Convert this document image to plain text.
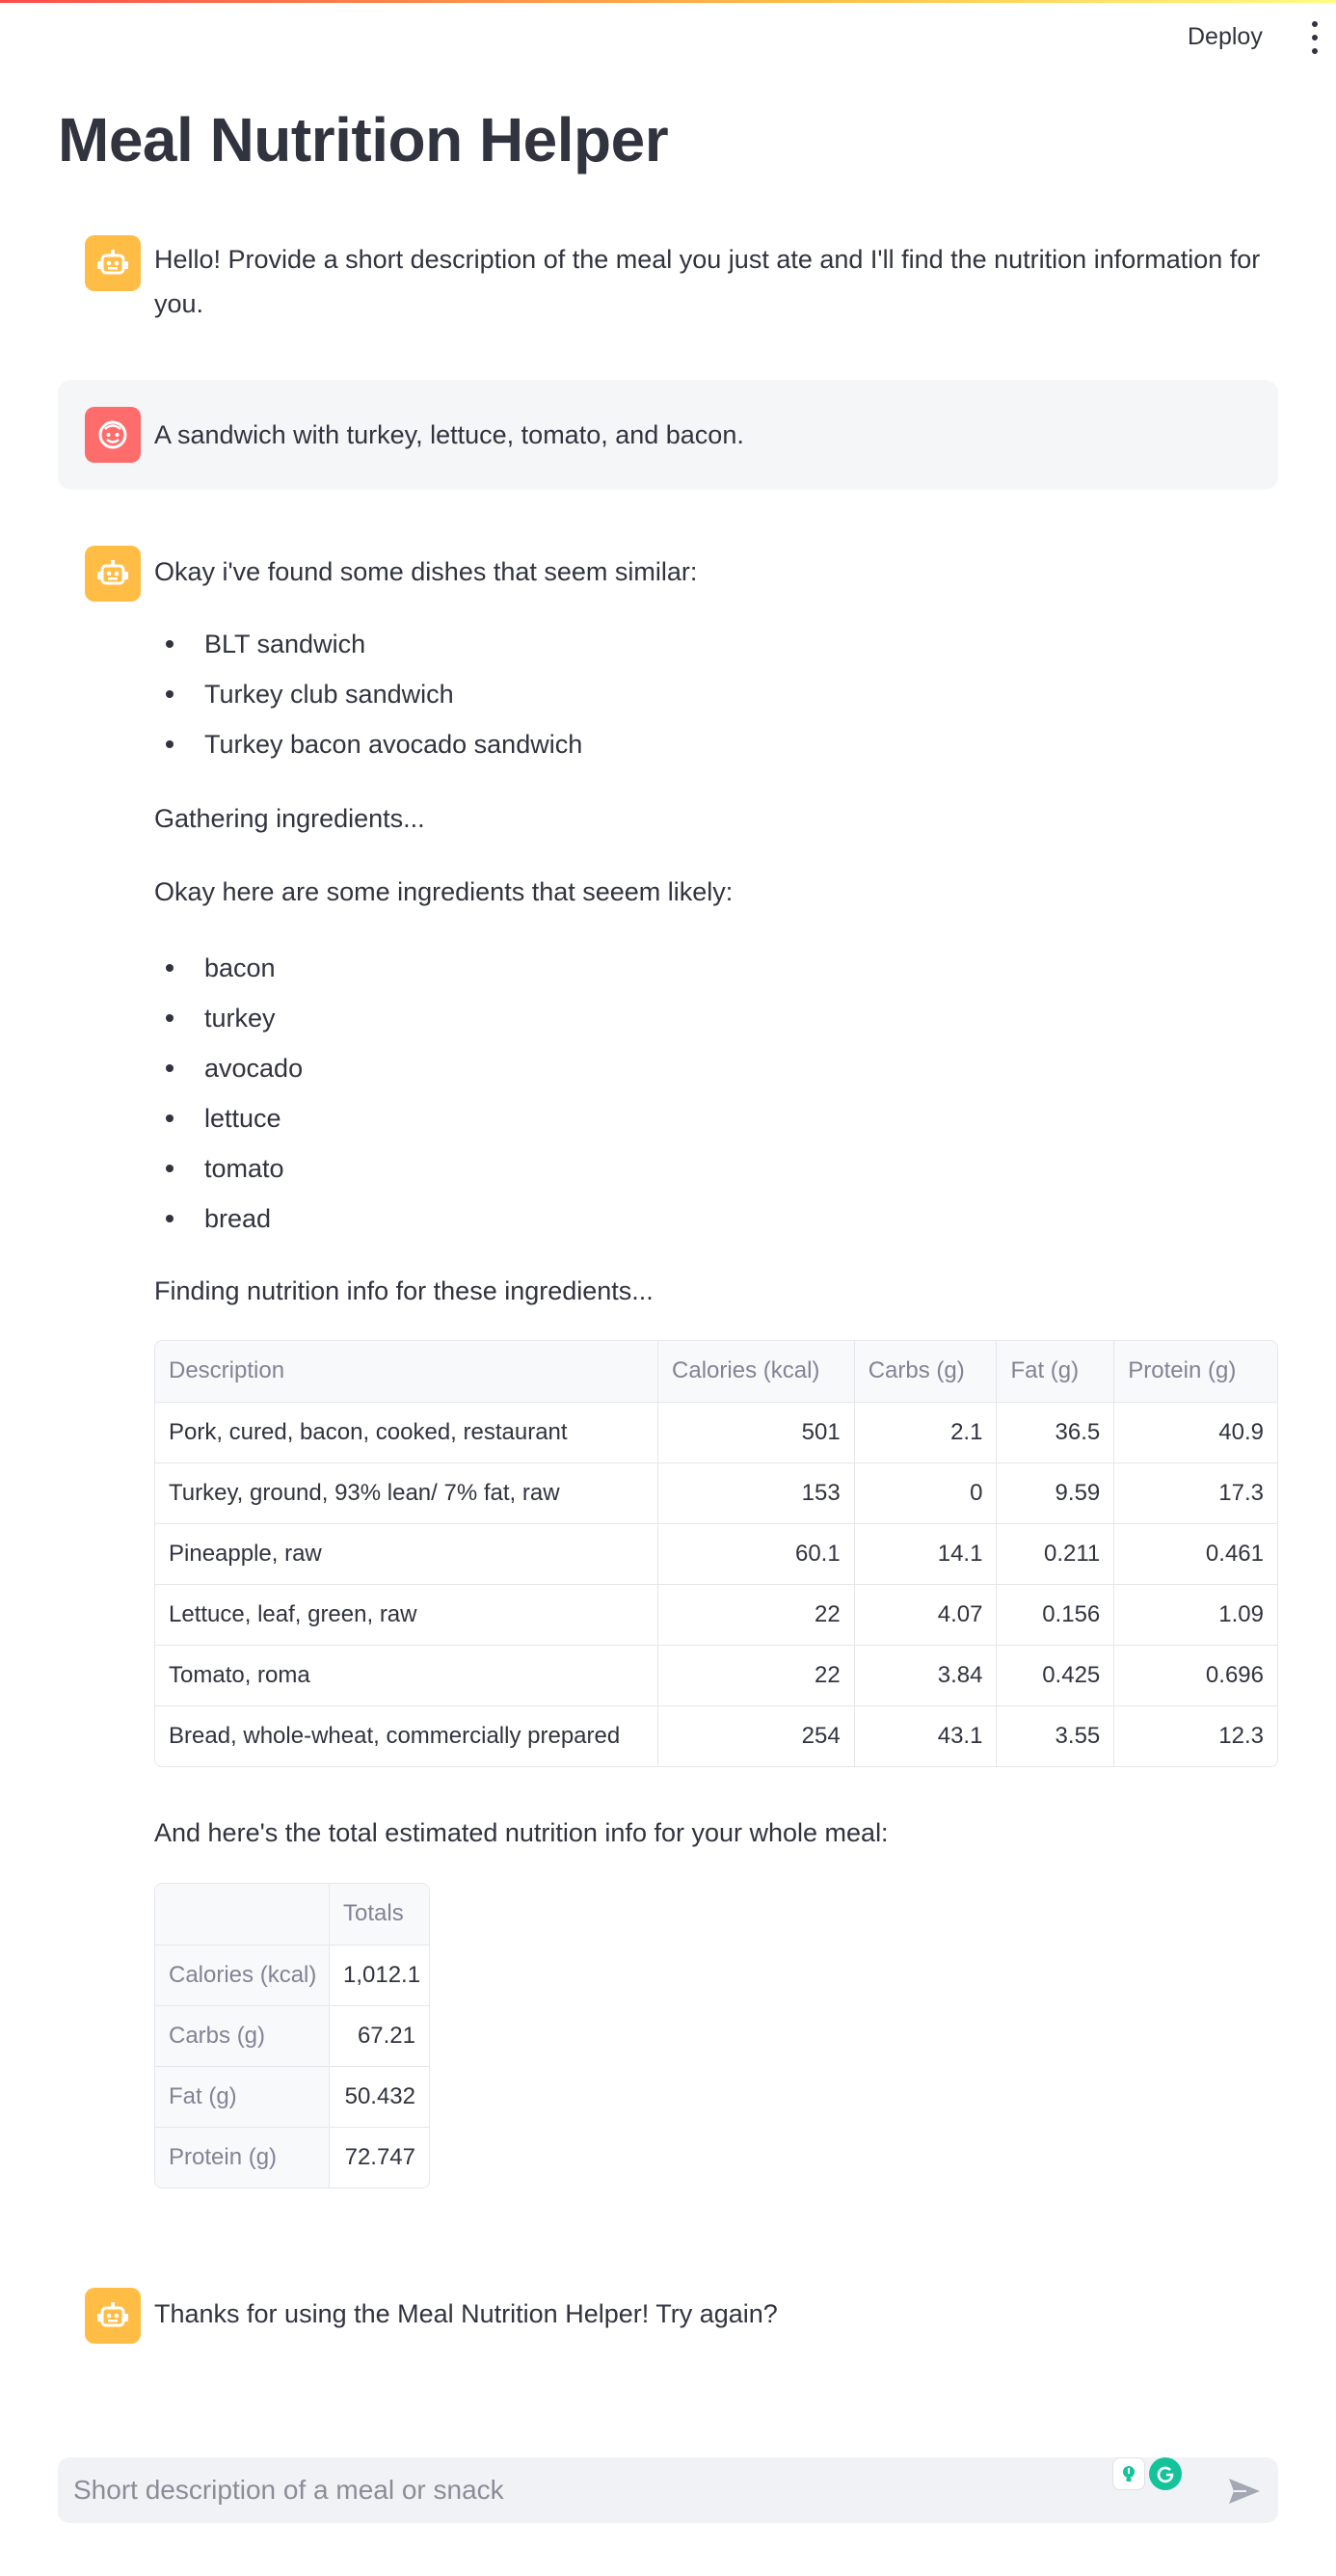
Deploy
Meal Nutrition Helper

Hello! Provide a short description of the meal you just ate and I'll find the nutrition information for you.

A sandwich with turkey, lettuce, tomato, and bacon.

Okay i've found some dishes that seem similar:

BLT sandwich
Turkey club sandwich
Turkey bacon avocado sandwich

Gathering ingredients...

Okay here are some ingredients that seeem likely:

bacon
turkey
avocado
lettuce
tomato
bread

Finding nutrition info for these ingredients...

Description	Calories (kcal)	Carbs (g)	Fat (g)	Protein (g)
Pork, cured, bacon, cooked, restaurant	501	2.1	36.5	40.9
Turkey, ground, 93% lean/ 7% fat, raw	153	0	9.59	17.3
Pineapple, raw	60.1	14.1	0.211	0.461
Lettuce, leaf, green, raw	22	4.07	0.156	1.09
Tomato, roma	22	3.84	0.425	0.696
Bread, whole-wheat, commercially prepared	254	43.1	3.55	12.3

And here's the total estimated nutrition info for your whole meal:

Totals
Calories (kcal)	1,012.1
Carbs (g)	67.21
Fat (g)	50.432
Protein (g)	72.747

Thanks for using the Meal Nutrition Helper! Try again?

Short description of a meal or snack
